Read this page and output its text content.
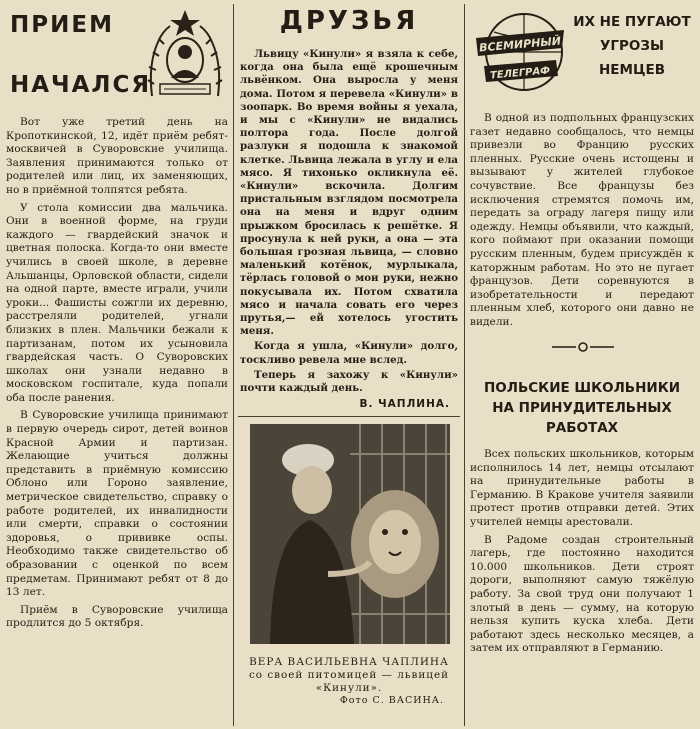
ПРИЕМ
НАЧАЛСЯ

Вот уже третий день на Кропоткинской, 12, идёт приём ребят-москвичей в Суворовские училища. Заявления принимаются только от родителей или лиц, их заменяющих, но в приёмной толпятся ребята.

У стола комиссии два мальчика. Они в военной форме, на груди каждого — гвардейский значок и цветная полоска. Когда-то они вместе учились в своей школе, в деревне Альшанцы, Орловской области, сидели на одной парте, вместе играли, учили уроки... Фашисты сожгли их деревню, расстреляли родителей, угнали близких в плен. Мальчики бежали к партизанам, потом их усыновила гвардейская часть. О Суворовских школах они узнали недавно в московском госпитале, куда попали оба после ранения.

В Суворовские училища принимают в первую очередь сирот, детей воинов Красной Армии и партизан. Желающие учиться должны представить в приёмную комиссию Облоно или Гороно заявление, метрическое свидетельство, справку о работе родителей, их инвалидности или смерти, справки о состоянии здоровья, о прививке оспы. Необходимо также свидетельство об образовании с оценкой по всем предметам. Принимают ребят от 8 до 13 лет.

Приём в Суворовские училища продлится до 5 октября.

ДРУЗЬЯ

Львицу «Кинули» я взяла к себе, когда она была ещё крошечным львёнком. Она выросла у меня дома. Потом я перевела «Кинули» в зоопарк. Во время войны я уехала, и мы с «Кинули» не видались полтора года. После долгой разлуки я подошла к знакомой клетке. Львица лежала в углу и ела мясо. Я тихонько окликнула её. «Кинули» вскочила. Долгим пристальным взглядом посмотрела она на меня и вдруг одним прыжком бросилась к решётке. Я просунула к ней руки, а она — эта большая грозная львица, — словно маленький котёнок, мурлыкала, тёрлась головой о мои руки, нежно покусывала их. Потом схватила мясо и начала совать его через прутья,— ей хотелось угостить меня.

Когда я ушла, «Кинули» долго, тоскливо ревела мне вслед.

Теперь я захожу к «Кинули» почти каждый день.

В. ЧАПЛИНА.
ВЕРА ВАСИЛЬЕВНА ЧАПЛИНА со своей питомицей — львицей «Кинули».
Фото С. ВАСИНА.
ВСЕМИРНЫЙ
ТЕЛЕГРАФ
ИХ НЕ ПУГАЮТ
УГРОЗЫ
НЕМЦЕВ

В одной из подпольных французских газет недавно сообщалось, что немцы привезли во Францию русских пленных. Русские очень истощены и вызывают у жителей глубокое сочувствие. Все французы без исключения стремятся помочь им, передать за ограду лагеря пищу или одежду. Немцы объявили, что каждый, кого поймают при оказании помощи русским пленным, будем присуждён к каторжным работам. Но это не пугает французов. Дети соревнуются в изобретательности и передают пленным хлеб, которого они давно не видели.

ПОЛЬСКИЕ ШКОЛЬНИКИ
НА ПРИНУДИТЕЛЬНЫХ
РАБОТАХ

Всех польских школьников, которым исполнилось 14 лет, немцы отсылают на принудительные работы в Германию. В Кракове учителя заявили протест против отправки детей. Этих учителей немцы арестовали.

В Радоме создан строительный лагерь, где постоянно находится 10.000 школьников. Дети строят дороги, выполняют самую тяжёлую работу. За свой труд они получают 1 злотый в день — сумму, на которую нельзя купить куска хлеба. Дети работают здесь несколько месяцев, а затем их отправляют в Германию.
